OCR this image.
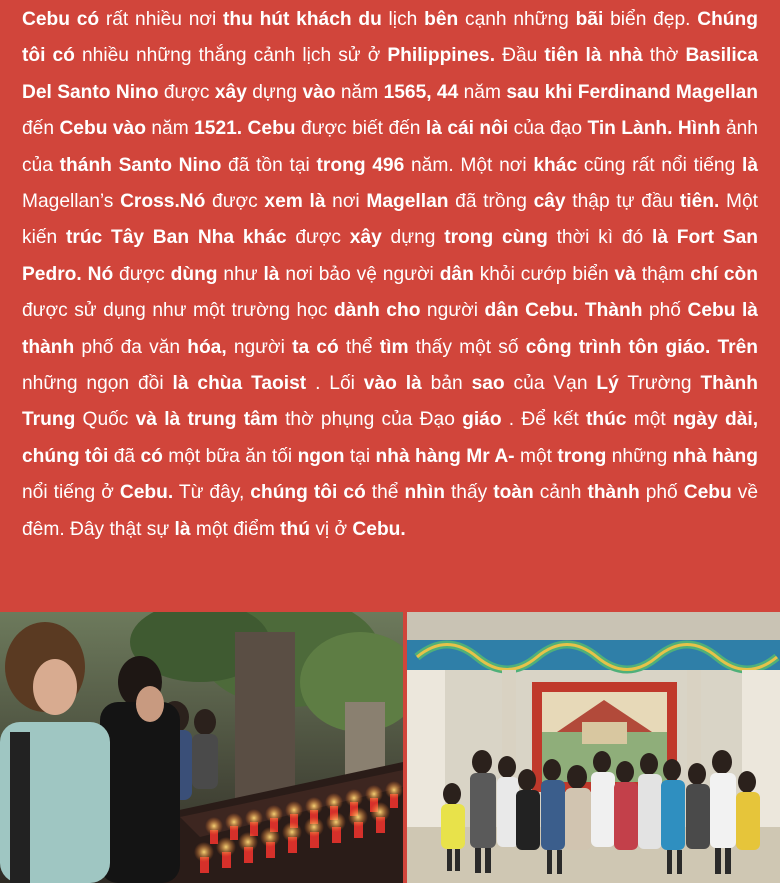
Cebu có rất nhiều nơi thu hút khách du lịch bên cạnh những bãi biển đẹp. Chúng tôi có nhiều những thắng cảnh lịch sử ở Philippines. Đầu tiên là nhà thờ Basilica Del Santo Nino được xây dựng vào năm 1565, 44 năm sau khi Ferdinand Magellan đến Cebu vào năm 1521. Cebu được biết đến là cái nôi của đạo Tin Lành. Hình ảnh của thánh Santo Nino đã tồn tại trong 496 năm. Một nơi khác cũng rất nổi tiếng là Magellan’s Cross.Nó được xem là nơi Magellan đã trồng cây thập tự đầu tiên. Một kiến trúc Tây Ban Nha khác được xây dựng trong cùng thời kì đó là Fort San Pedro. Nó được dùng như là nơi bảo vệ người dân khỏi cướp biển và thậm chí còn được sử dụng như một trường học dành cho người dân Cebu. Thành phố Cebu là thành phố đa văn hóa, người ta có thể tìm thấy một số công trình tôn giáo. Trên những ngọn đồi là chùa Taoist . Lối vào là bản sao của Vạn Lý Trường Thành Trung Quốc và là trung tâm thờ phụng của Đạo giáo . Để kết thúc một ngày dài, chúng tôi đã có một bữa ăn tối ngon tại nhà hàng Mr A- một trong những nhà hàng nổi tiếng ở Cebu. Từ đây, chúng tôi có thể nhìn thấy toàn cảnh thành phố Cebu về đêm. Đây thật sự là một điểm thú vị ở Cebu.
